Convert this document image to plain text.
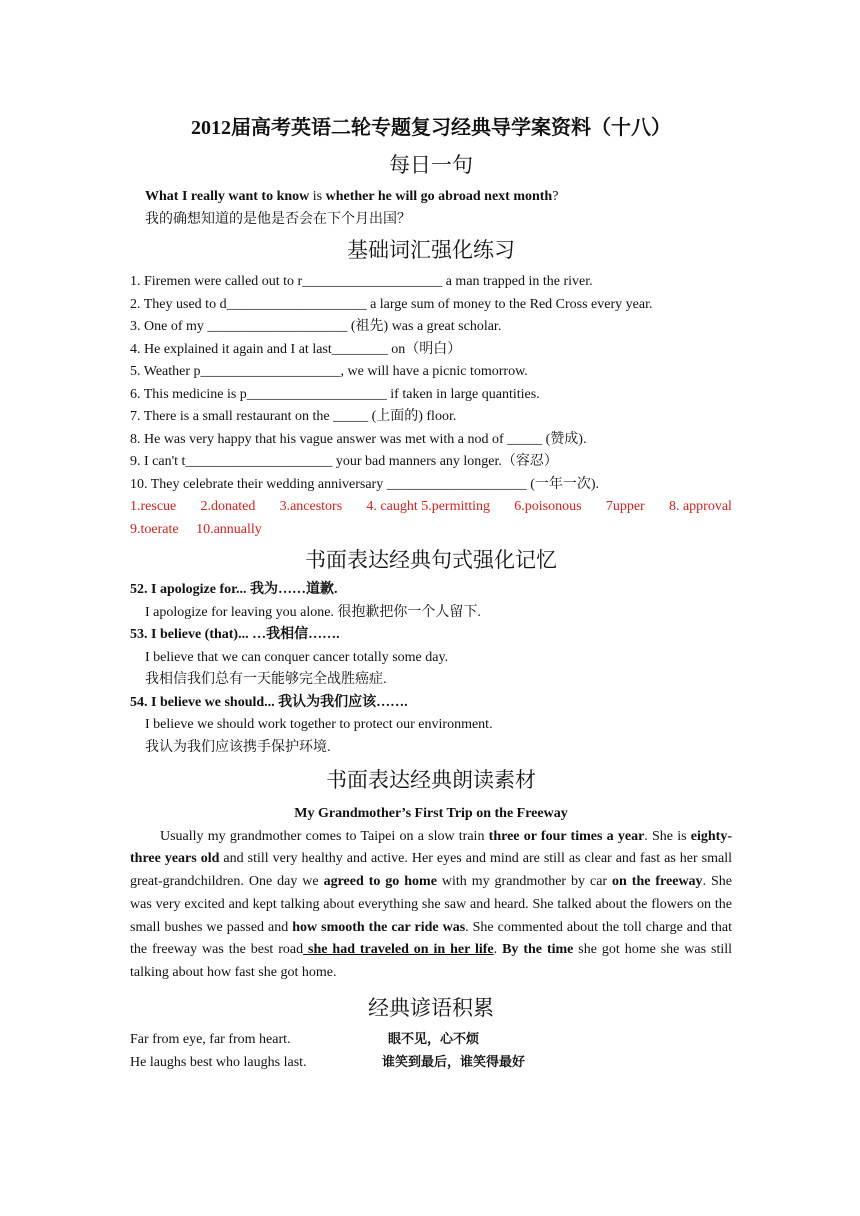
2012届高考英语二轮专题复习经典导学案资料（十八）
每日一句

What I really want to know is whether he will go abroad next month?

我的确想知道的是他是否会在下个月出国？

基础词汇强化练习

1. Firemen were called out to r____________________ a man trapped in the river.

2. They used to d____________________ a large sum of money to the Red Cross every year.

3. One of my ____________________ (祖先) was a great scholar.

4. He explained it again and I at last________ on（明白）

5. Weather p____________________, we will have a picnic tomorrow.

6. This medicine is p____________________ if taken in large quantities.

7. There is a small restaurant on the _____ (上面的) floor.

8. He was very happy that his vague answer was met with a nod of _____ (赞成).

9. I can't t_____________________ your bad manners any longer.（容忍）

10. They celebrate their wedding anniversary ____________________ (一年一次).

1.rescue 2.donated 3.ancestors 4. caught 5.permitting 6.poisonous 7upper 8. approval

9.toerate 10.annually

书面表达经典句式强化记忆

52. I apologize for... 我为……道歉.

I apologize for leaving you alone. 很抱歉把你一个人留下.

53. I believe (that)... …我相信…….

I believe that we can conquer cancer totally some day.

我相信我们总有一天能够完全战胜癌症.

54. I believe we should... 我认为我们应该…….

I believe we should work together to protect our environment.

我认为我们应该携手保护环境.

书面表达经典朗读素材

My Grandmother’s First Trip on the Freeway

Usually my grandmother comes to Taipei on a slow train three or four times a year. She is eighty-three years old and still very healthy and active. Her eyes and mind are still as clear and fast as her small great-grandchildren. One day we agreed to go home with my grandmother by car on the freeway. She was very excited and kept talking about everything she saw and heard. She talked about the flowers on the small bushes we passed and how smooth the car ride was. She commented about the toll charge and that the freeway was the best road she had traveled on in her life. By the time she got home she was still talking about how fast she got home.

经典谚语积累
Far from eye, far from heart.	眼不见，心不烦
He laughs best who laughs last.	谁笑到最后，谁笑得最好
